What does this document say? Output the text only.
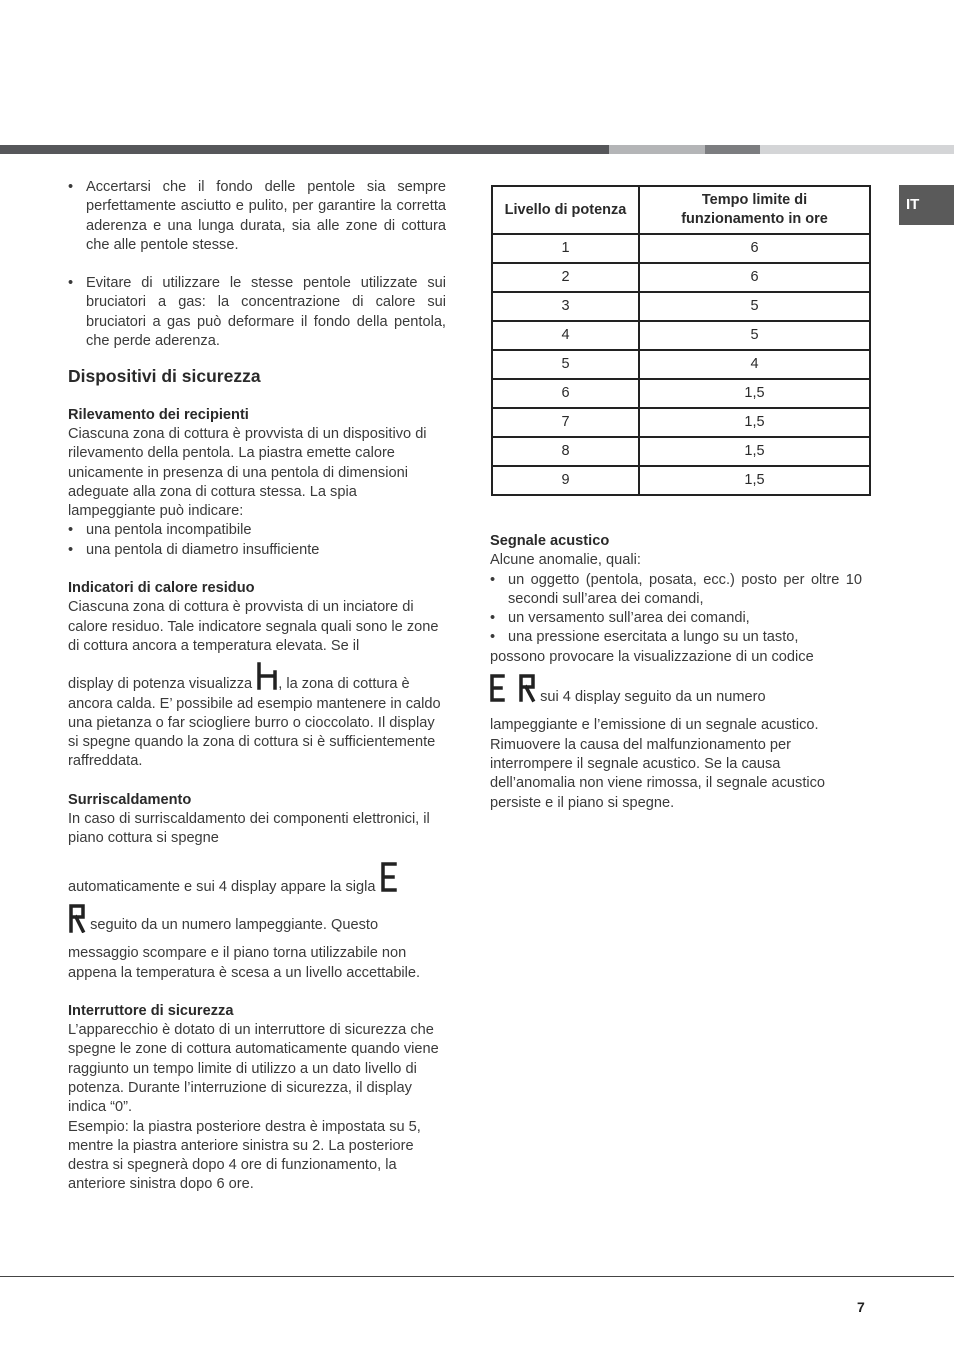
IT
• Accertarsi che il fondo delle pentole sia sempre perfettamente asciutto e pulito, per garantire la corretta aderenza e una lunga durata, sia alle zone di cottura che alle pentole stesse.
• Evitare di utilizzare le stesse pentole utilizzate sui bruciatori a gas: la concentrazione di calore sui bruciatori a gas può deformare il fondo della pentola, che perde aderenza.

Dispositivi di sicurezza

Rilevamento dei recipienti

Ciascuna zona di cottura è provvista di un dispositivo di rilevamento della pentola. La piastra emette calore unicamente in presenza di una pentola di dimensioni adeguate alla zona di cottura stessa. La spia lampeggiante può indicare:

• una pentola incompatibile
• una pentola di diametro insufficiente
Indicatori di calore residuo

Ciascuna zona di cottura è provvista di un inciatore di calore residuo. Tale indicatore segnala quali sono le zone di cottura ancora a temperatura elevata. Se il

display di potenza visualizza , la zona di cottura è ancora calda. E’ possibile ad esempio mantenere in caldo una pietanza o far sciogliere burro o cioccolato. Il display si spegne quando la zona di cottura si è sufficientemente raffreddata.

Surriscaldamento

In caso di surriscaldamento dei componenti elettronici, il piano cottura si spegne

automaticamente e sui 4 display appare la sigla

seguito da un numero lampeggiante. Questo

messaggio scompare e il piano torna utilizzabile non appena la temperatura è scesa a un livello accettabile.

Interruttore di sicurezza

L’apparecchio è dotato di un interruttore di sicurezza che spegne le zone di cottura automaticamente quando viene raggiunto un tempo limite di utilizzo a un dato livello di potenza. Durante l’interruzione di sicurezza, il display indica “0”.

Esempio: la piastra posteriore destra è impostata su 5, mentre la piastra anteriore sinistra su 2. La posteriore destra si spegnerà dopo 4 ore di funzionamento, la anteriore sinistra dopo 6 ore.

Livello di potenza	Tempo limite di funzionamento in ore
1	6
2	6
3	5
4	5
5	4
6	1,5
7	1,5
8	1,5
9	1,5
Segnale acustico

Alcune anomalie, quali:

• un oggetto (pentola, posata, ecc.) posto per oltre 10 secondi sull’area dei comandi,
• un versamento sull’area dei comandi,
• una pressione esercitata a lungo su un tasto,

possono provocare la visualizzazione di un codice

sui 4 display seguito da un numero

lampeggiante e l’emissione di un segnale acustico. Rimuovere la causa del malfunzionamento per interrompere il segnale acustico. Se la causa dell’anomalia non viene rimossa, il segnale acustico persiste e il piano si spegne.

7
